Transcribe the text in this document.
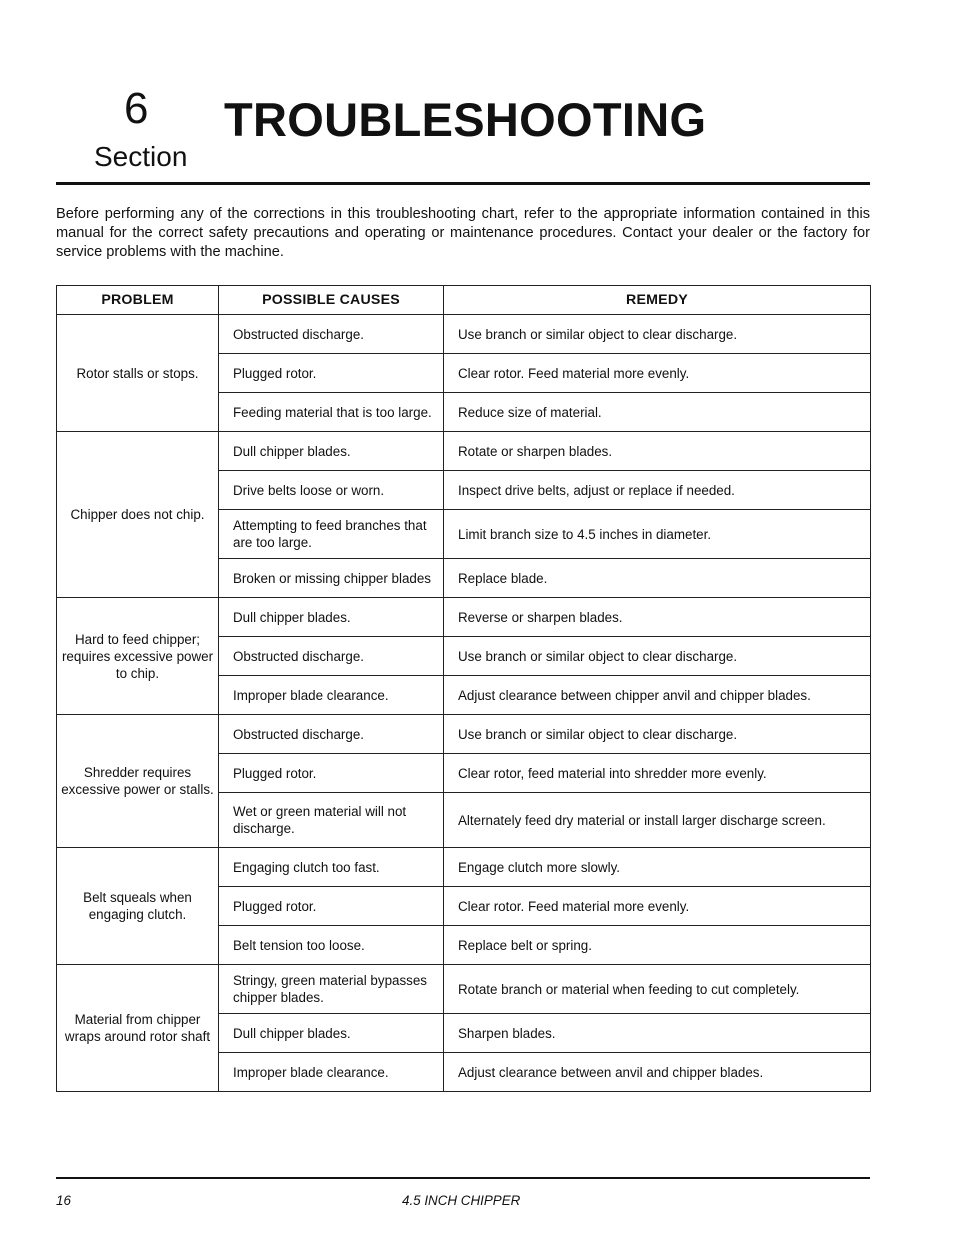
6
Section
TROUBLESHOOTING

Before performing any of the corrections in this troubleshooting chart, refer to the appropriate information contained in this manual for the correct safety precautions and operating or maintenance procedures. Contact your dealer or the factory for service problems with the machine.

PROBLEM	POSSIBLE CAUSES	REMEDY
Rotor stalls or stops.	Obstructed discharge.	Use branch or similar object to clear discharge.
	Plugged rotor.	Clear rotor. Feed material more evenly.
	Feeding material that is too large.	Reduce size of material.
Chipper does not chip.	Dull chipper blades.	Rotate or sharpen blades.
	Drive belts loose or worn.	Inspect drive belts, adjust or replace if needed.
	Attempting to feed branches that are too large.	Limit branch size to 4.5 inches in diameter.
	Broken or missing chipper blades	Replace blade.
Hard to feed chipper; requires excessive power to chip.	Dull chipper blades.	Reverse or sharpen blades.
	Obstructed discharge.	Use branch or similar object to clear discharge.
	Improper blade clearance.	Adjust clearance between chipper anvil and chipper blades.
Shredder requires excessive power or stalls.	Obstructed discharge.	Use branch or similar object to clear discharge.
	Plugged rotor.	Clear rotor, feed material into shredder more evenly.
	Wet or green material will not discharge.	Alternately feed dry material or install larger discharge screen.
Belt squeals when engaging clutch.	Engaging clutch too fast.	Engage clutch more slowly.
	Plugged rotor.	Clear rotor. Feed material more evenly.
	Belt tension too loose.	Replace belt or spring.
Material from chipper wraps around rotor shaft	Stringy, green material bypasses chipper blades.	Rotate branch or material when feeding to cut completely.
	Dull chipper blades.	Sharpen blades.
	Improper blade clearance.	Adjust clearance between anvil and chipper blades.
16	4.5 INCH CHIPPER
